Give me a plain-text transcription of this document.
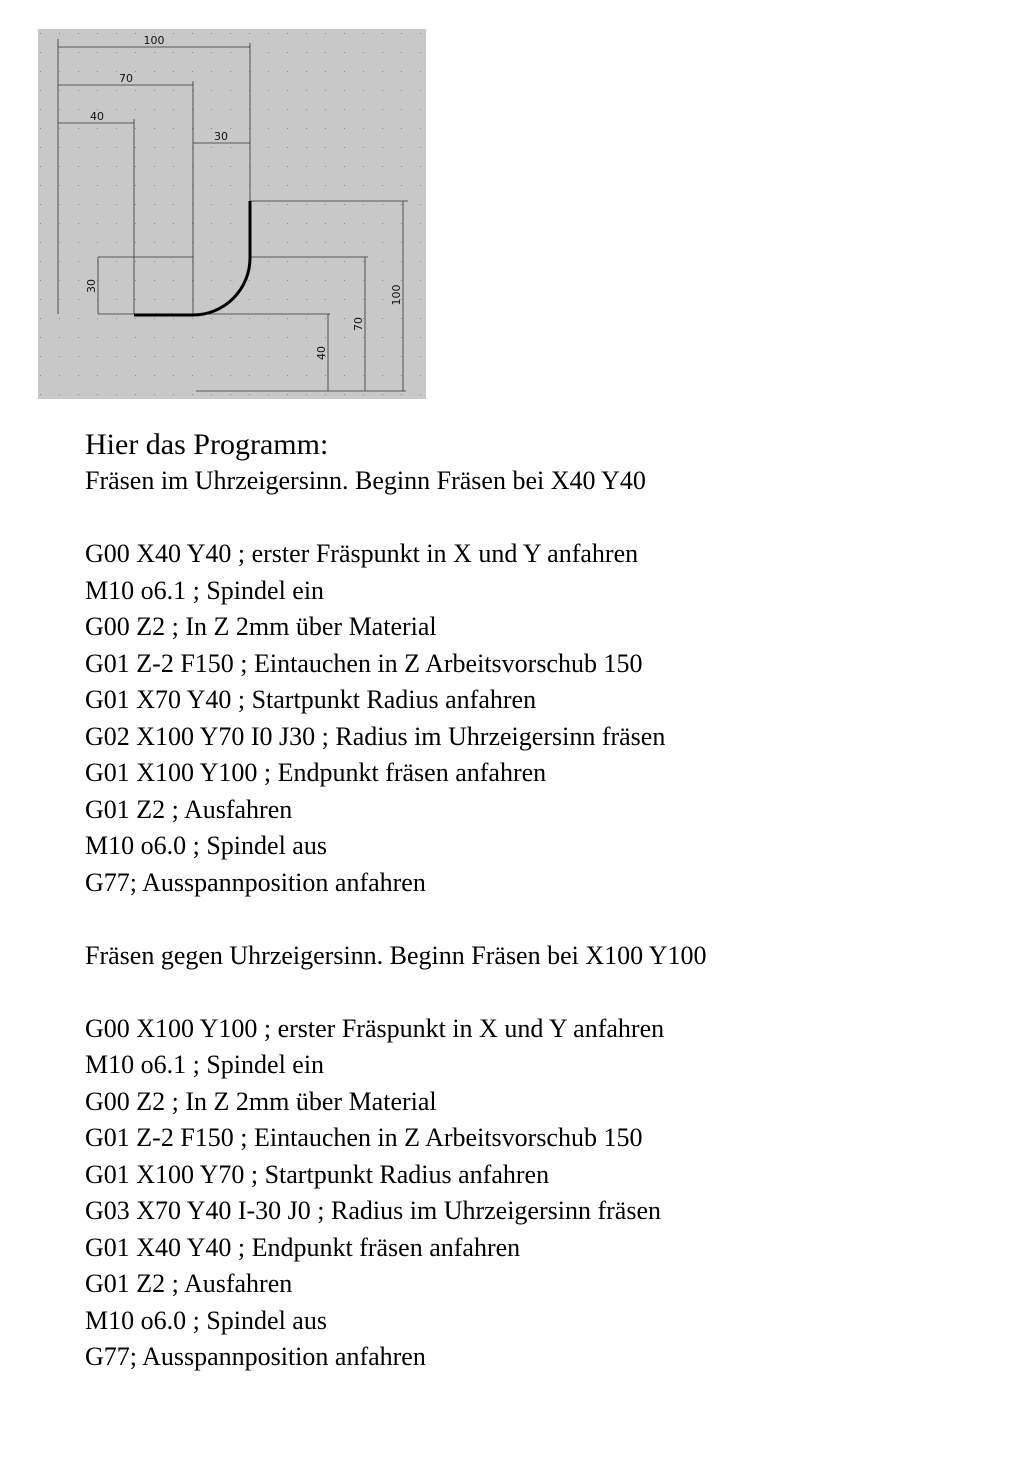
100
70
40
30
30	100
70
40
Hier das Programm:
Fräsen im Uhrzeigersinn. Beginn Fräsen bei X40 Y40
G00 X40 Y40 ; erster Fräspunkt in X und Y anfahren
M10 o6.1 ; Spindel ein
G00 Z2 ; In Z 2mm über Material
G01 Z-2 F150 ; Eintauchen in Z Arbeitsvorschub 150
G01 X70 Y40 ; Startpunkt Radius anfahren
G02 X100 Y70 I0 J30 ; Radius im Uhrzeigersinn fräsen
G01 X100 Y100 ; Endpunkt fräsen anfahren
G01 Z2 ; Ausfahren
M10 o6.0 ; Spindel aus
G77; Ausspannposition anfahren
Fräsen gegen Uhrzeigersinn. Beginn Fräsen bei X100 Y100
G00 X100 Y100 ; erster Fräspunkt in X und Y anfahren
M10 o6.1 ; Spindel ein
G00 Z2 ; In Z 2mm über Material
G01 Z-2 F150 ; Eintauchen in Z Arbeitsvorschub 150
G01 X100 Y70 ; Startpunkt Radius anfahren
G03 X70 Y40 I-30 J0 ; Radius im Uhrzeigersinn fräsen
G01 X40 Y40 ; Endpunkt fräsen anfahren
G01 Z2 ; Ausfahren
M10 o6.0 ; Spindel aus
G77; Ausspannposition anfahren
